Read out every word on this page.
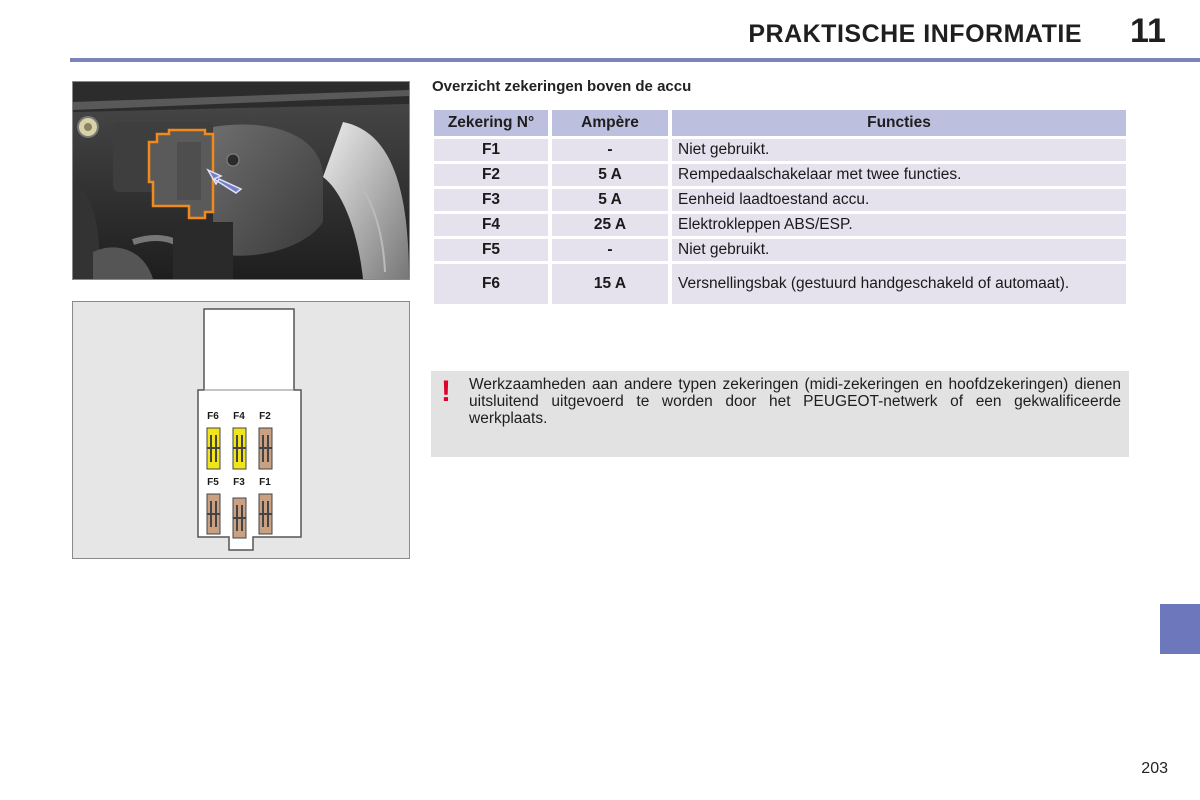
PRAKTISCHE INFORMATIE	11
F6 F4 F2
F5 F3 F1
Overzicht zekeringen boven de accu
Zekering N°	Ampère	Functies
F1	-	Niet gebruikt.
F2	5 A	Rempedaalschakelaar met twee functies.
F3	5 A	Eenheid laadtoestand accu.
F4	25 A	Elektrokleppen ABS/ESP.
F5	-	Niet gebruikt.
F6	15 A	Versnellingsbak (gestuurd handgeschakeld of automaat).
! Werkzaamheden aan andere typen zekeringen (midi-zekeringen en hoofdzekeringen) dienen uitsluitend uitgevoerd te worden door het PEUGEOT-netwerk of een gekwalificeerde werkplaats.
203
